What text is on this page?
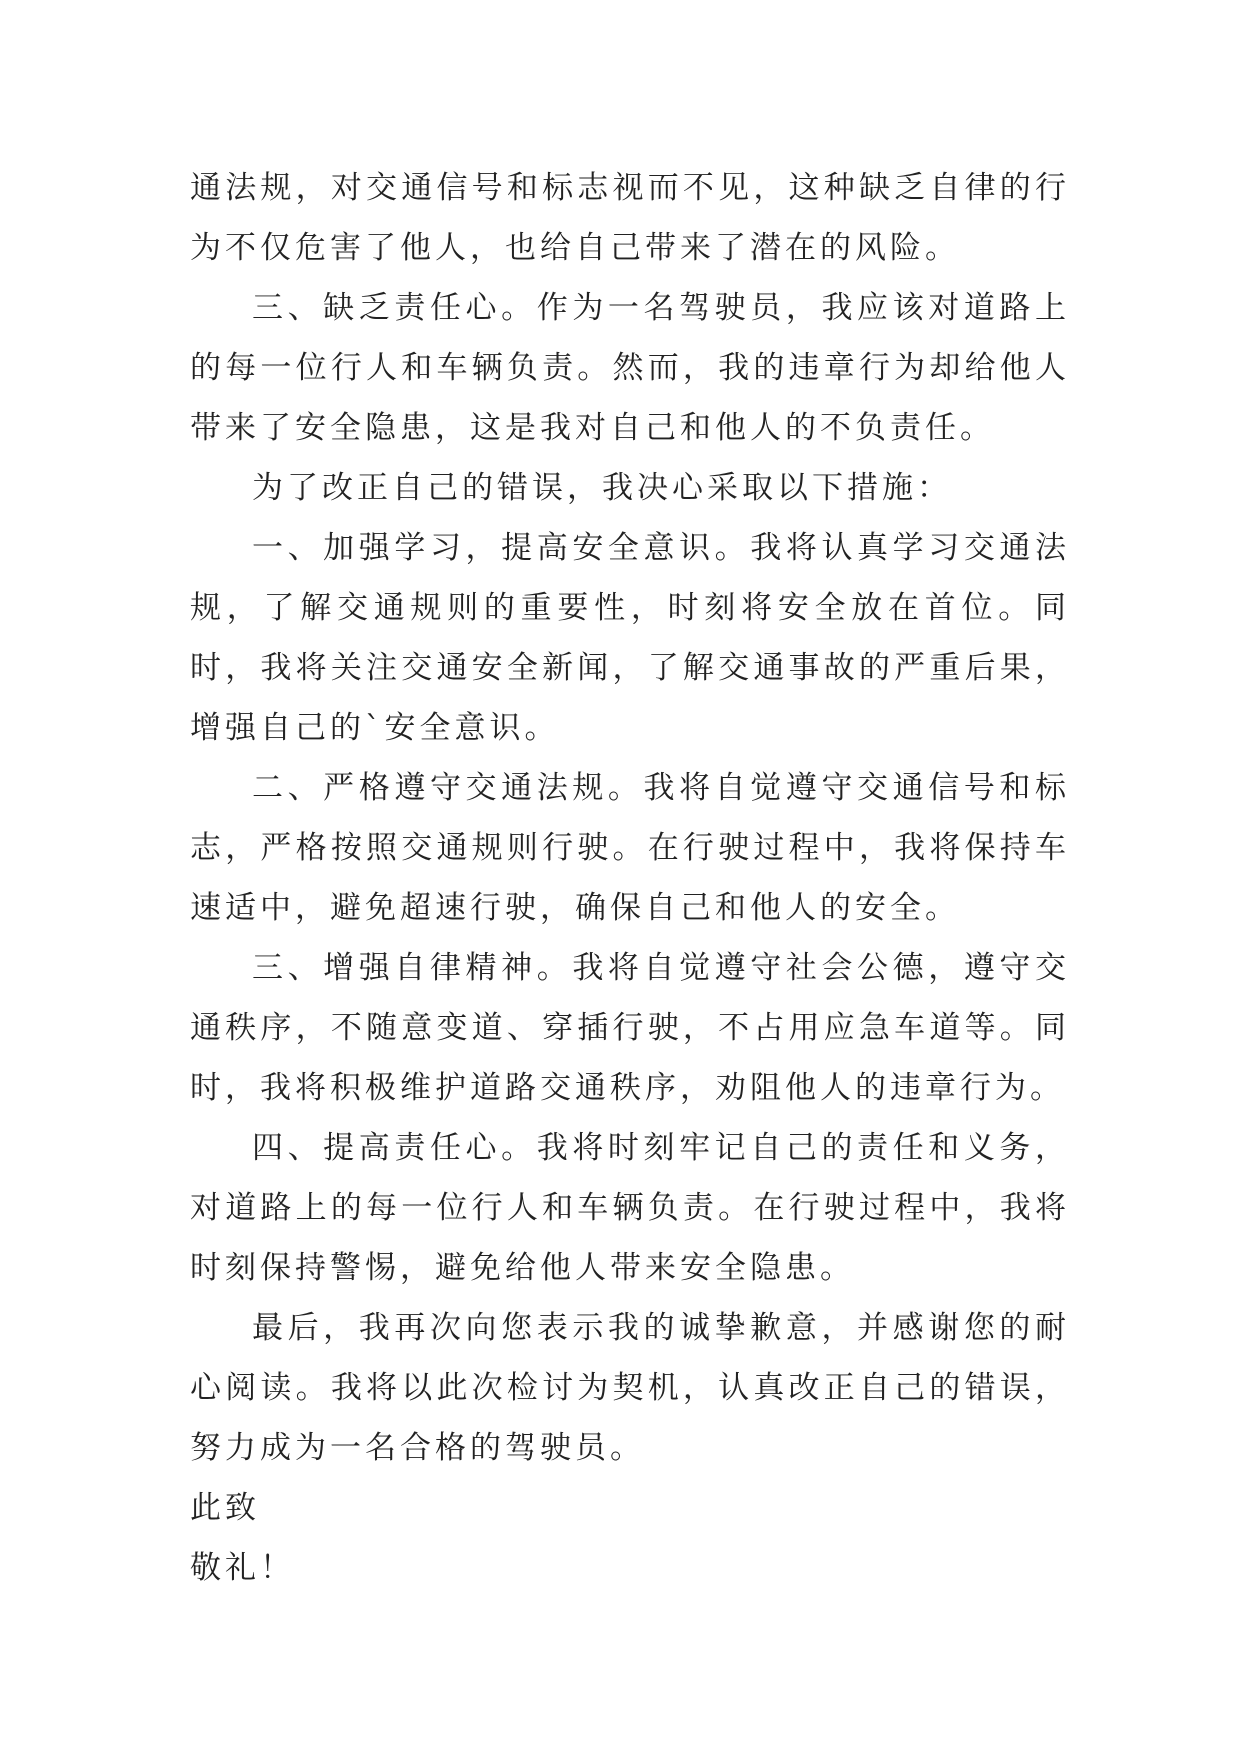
通法规，对交通信号和标志视而不见，这种缺乏自律的行为不仅危害了他人，也给自己带来了潜在的风险。

三、缺乏责任心。作为一名驾驶员，我应该对道路上的每一位行人和车辆负责。然而，我的违章行为却给他人带来了安全隐患，这是我对自己和他人的不负责任。

为了改正自己的错误，我决心采取以下措施：

一、加强学习，提高安全意识。我将认真学习交通法规，了解交通规则的重要性，时刻将安全放在首位。同时，我将关注交通安全新闻，了解交通事故的严重后果，增强自己的`安全意识。

二、严格遵守交通法规。我将自觉遵守交通信号和标志，严格按照交通规则行驶。在行驶过程中，我将保持车速适中，避免超速行驶，确保自己和他人的安全。

三、增强自律精神。我将自觉遵守社会公德，遵守交通秩序，不随意变道、穿插行驶，不占用应急车道等。同时，我将积极维护道路交通秩序，劝阻他人的违章行为。

四、提高责任心。我将时刻牢记自己的责任和义务，对道路上的每一位行人和车辆负责。在行驶过程中，我将时刻保持警惕，避免给他人带来安全隐患。

最后，我再次向您表示我的诚挚歉意，并感谢您的耐心阅读。我将以此次检讨为契机，认真改正自己的错误，努力成为一名合格的驾驶员。

此致

敬礼！
